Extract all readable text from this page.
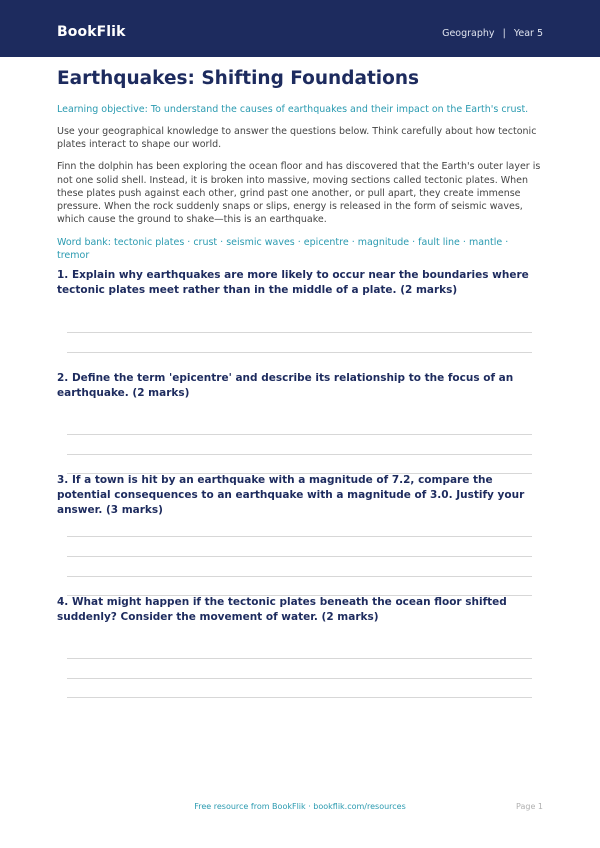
BookFlik	Geography | Year 5
Earthquakes: Shifting Foundations

Learning objective: To understand the causes of earthquakes and their impact on the Earth's crust.

Use your geographical knowledge to answer the questions below. Think carefully about how tectonic plates interact to shape our world.

Finn the dolphin has been exploring the ocean floor and has discovered that the Earth's outer layer is not one solid shell. Instead, it is broken into massive, moving sections called tectonic plates. When these plates push against each other, grind past one another, or pull apart, they create immense pressure. When the rock suddenly snaps or slips, energy is released in the form of seismic waves, which cause the ground to shake—this is an earthquake.

Word bank: tectonic plates · crust · seismic waves · epicentre · magnitude · fault line · mantle · tremor

1. Explain why earthquakes are more likely to occur near the boundaries where tectonic plates meet rather than in the middle of a plate. (2 marks)

2. Define the term 'epicentre' and describe its relationship to the focus of an earthquake. (2 marks)

3. If a town is hit by an earthquake with a magnitude of 7.2, compare the potential consequences to an earthquake with a magnitude of 3.0. Justify your answer. (3 marks)

4. What might happen if the tectonic plates beneath the ocean floor shifted suddenly? Consider the movement of water. (2 marks)

Free resource from BookFlik · bookflik.com/resources	Page 1
